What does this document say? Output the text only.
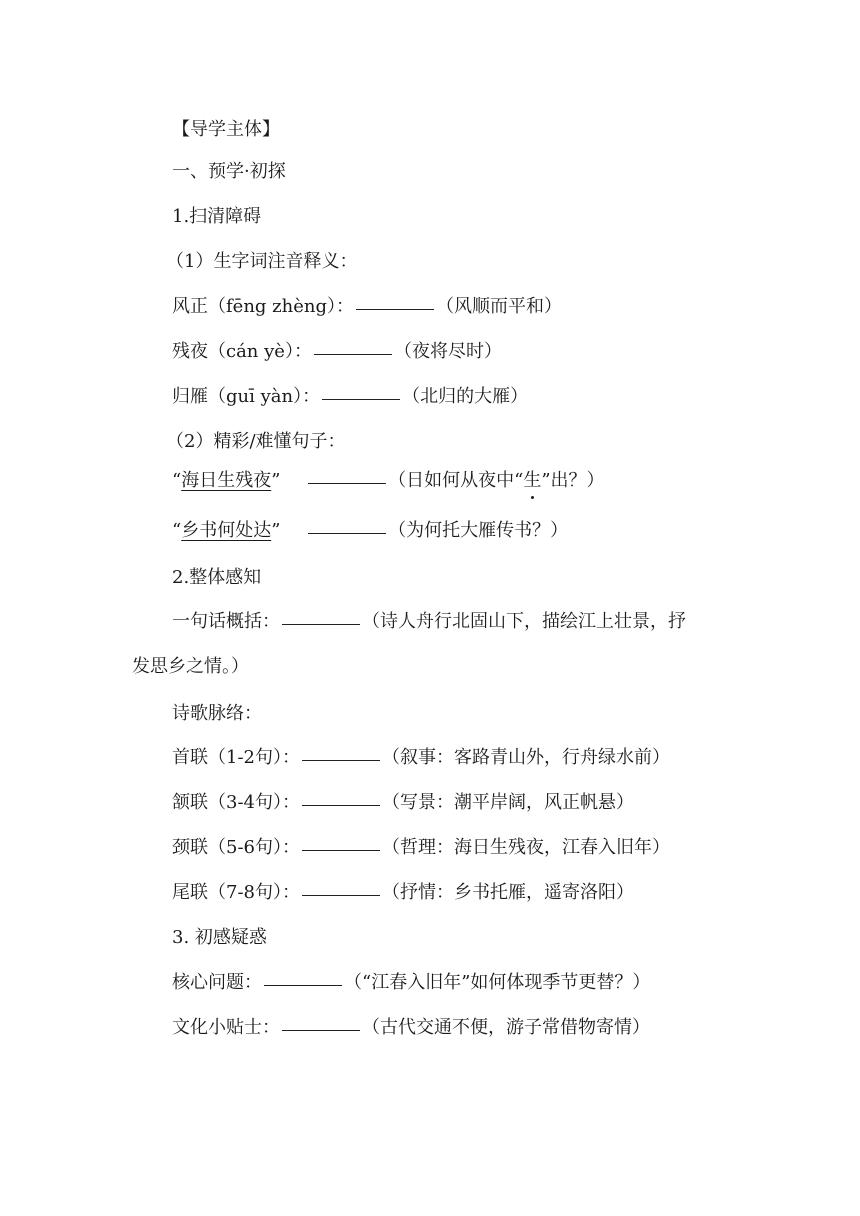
【导学主体】
一、预学·初探
1.扫清障碍
（1）生字词注音释义：
风正（fēng zhèng）：	（风顺而平和）
残夜（cán yè）：	（夜将尽时）
归雁（guī yàn）：	（北归的大雁）
（2）精彩/难懂句子：
“海日生残夜”	（日如何从夜中“生”出？）
“乡书何处达”	（为何托大雁传书？）
2.整体感知
一句话概括：	（诗人舟行北固山下，描绘江上壮景，抒
发思乡之情。）
诗歌脉络：
首联（1-2句）：	（叙事：客路青山外，行舟绿水前）
颔联（3-4句）：	（写景：潮平岸阔，风正帆悬）
颈联（5-6句）：	（哲理：海日生残夜，江春入旧年）
尾联（7-8句）：	（抒情：乡书托雁，遥寄洛阳）
3. 初感疑惑
核心问题：	（“江春入旧年”如何体现季节更替？）
文化小贴士：	（古代交通不便，游子常借物寄情）
